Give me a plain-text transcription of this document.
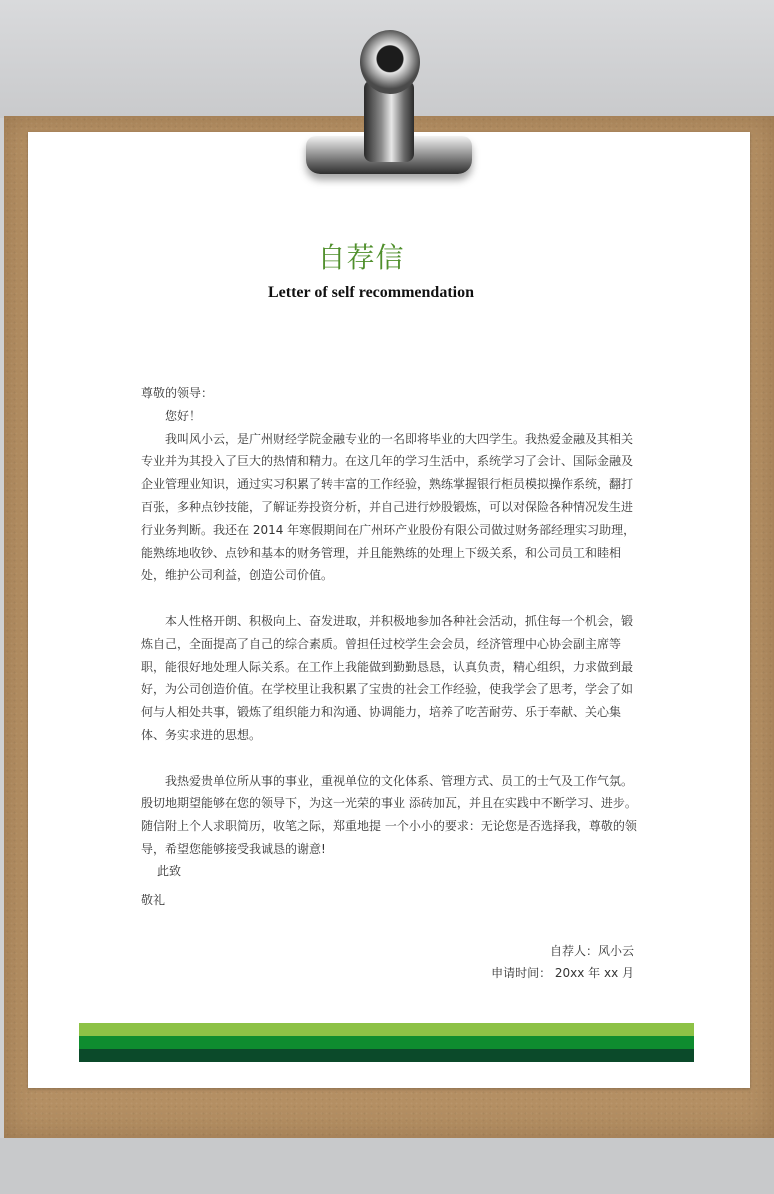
自荐信
Letter of self recommendation

尊敬的领导：

您好！

我叫风小云，是广州财经学院金融专业的一名即将毕业的大四学生。我热爱金融及其相关专业并为其投入了巨大的热情和精力。在这几年的学习生活中，系统学习了会计、国际金融及企业管理业知识，通过实习积累了转丰富的工作经验，熟练掌握银行柜员模拟操作系统，翻打百张，多种点钞技能，了解证券投资分析，并自己进行炒股锻炼，可以对保险各种情况发生进行业务判断。我还在 2014 年寒假期间在广州环产业股份有限公司做过财务部经理实习助理，能熟练地收钞、点钞和基本的财务管理，并且能熟练的处理上下级关系，和公司员工和睦相处，维护公司利益，创造公司价值。

本人性格开朗、积极向上、奋发进取，并积极地参加各种社会活动，抓住每一个机会，锻炼自己，全面提高了自己的综合素质。曾担任过校学生会会员，经济管理中心协会副主席等职，能很好地处理人际关系。在工作上我能做到勤勤恳恳，认真负责，精心组织，力求做到最好，为公司创造价值。在学校里让我积累了宝贵的社会工作经验，使我学会了思考，学会了如何与人相处共事，锻炼了组织能力和沟通、协调能力，培养了吃苦耐劳、乐于奉献、关心集体、务实求进的思想。

我热爱贵单位所从事的事业，重视单位的文化体系、管理方式、员工的士气及工作气氛。殷切地期望能够在您的领导下，为这一光荣的事业 添砖加瓦，并且在实践中不断学习、进步。随信附上个人求职简历，收笔之际，郑重地提 一个小小的要求：无论您是否选择我，尊敬的领导，希望您能够接受我诚恳的谢意!

此致
敬礼
自荐人：风小云
申请时间： 20xx 年 xx 月
